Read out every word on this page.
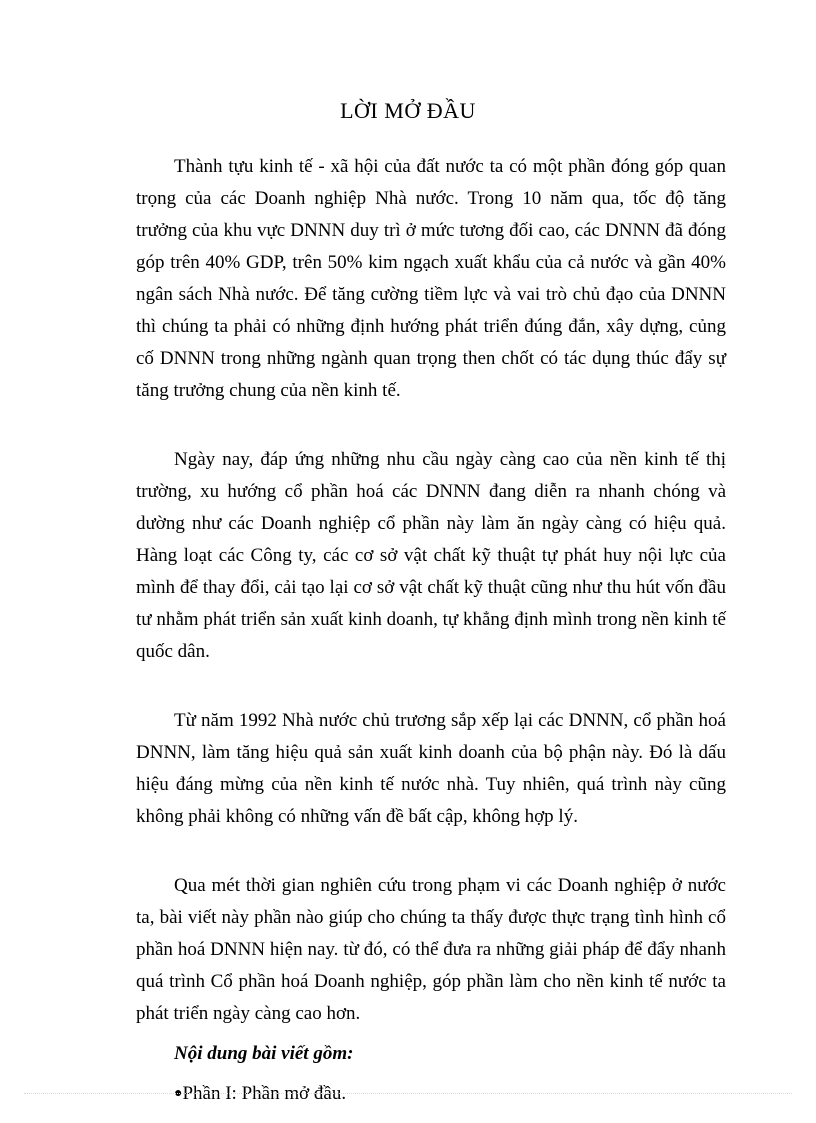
LỜI MỞ ĐẦU

Thành tựu kinh tế - xã hội của đất nước ta có một phần đóng góp quan trọng của các Doanh nghiệp Nhà nước. Trong 10 năm qua, tốc độ tăng trưởng của khu vực DNNN duy trì ở mức tương đối cao, các DNNN đã đóng góp trên 40% GDP, trên 50% kim ngạch xuất khẩu của cả nước và gần 40% ngân sách Nhà nước. Để tăng cường tiềm lực và vai trò chủ đạo của DNNN thì chúng ta phải có những định hướng phát triển đúng đắn, xây dựng, củng cố DNNN trong những ngành quan trọng then chốt có tác dụng thúc đẩy sự tăng trưởng chung của nền kinh tế.

Ngày nay, đáp ứng những nhu cầu ngày càng cao của nền kinh tế thị trường, xu hướng cổ phần hoá các DNNN đang diễn ra nhanh chóng và dường như các Doanh nghiệp cổ phần này làm ăn ngày càng có hiệu quả. Hàng loạt các Công ty, các cơ sở vật chất kỹ thuật tự phát huy nội lực của mình để thay đổi, cải tạo lại cơ sở vật chất kỹ thuật cũng như thu hút vốn đầu tư nhằm phát triển sản xuất kinh doanh, tự khẳng định mình trong nền kinh tế quốc dân.

Từ năm 1992 Nhà nước chủ trương sắp xếp lại các DNNN, cổ phần hoá DNNN, làm tăng hiệu quả sản xuất kinh doanh của bộ phận này. Đó là dấu hiệu đáng mừng của nền kinh tế nước nhà. Tuy nhiên, quá trình này cũng không phải không có những vấn đề bất cập, không hợp lý.

Qua mét thời gian nghiên cứu trong phạm vi các Doanh nghiệp ở nước ta, bài viết này phần nào giúp cho chúng ta thấy được thực trạng tình hình cổ phần hoá DNNN hiện nay. từ đó, có thể đưa ra những giải pháp để đẩy nhanh quá trình Cổ phần hoá Doanh nghiệp, góp phần làm cho nền kinh tế nước ta phát triển ngày càng cao hơn.

Nội dung bài viết gồm:

●Phần I: Phần mở đầu.
